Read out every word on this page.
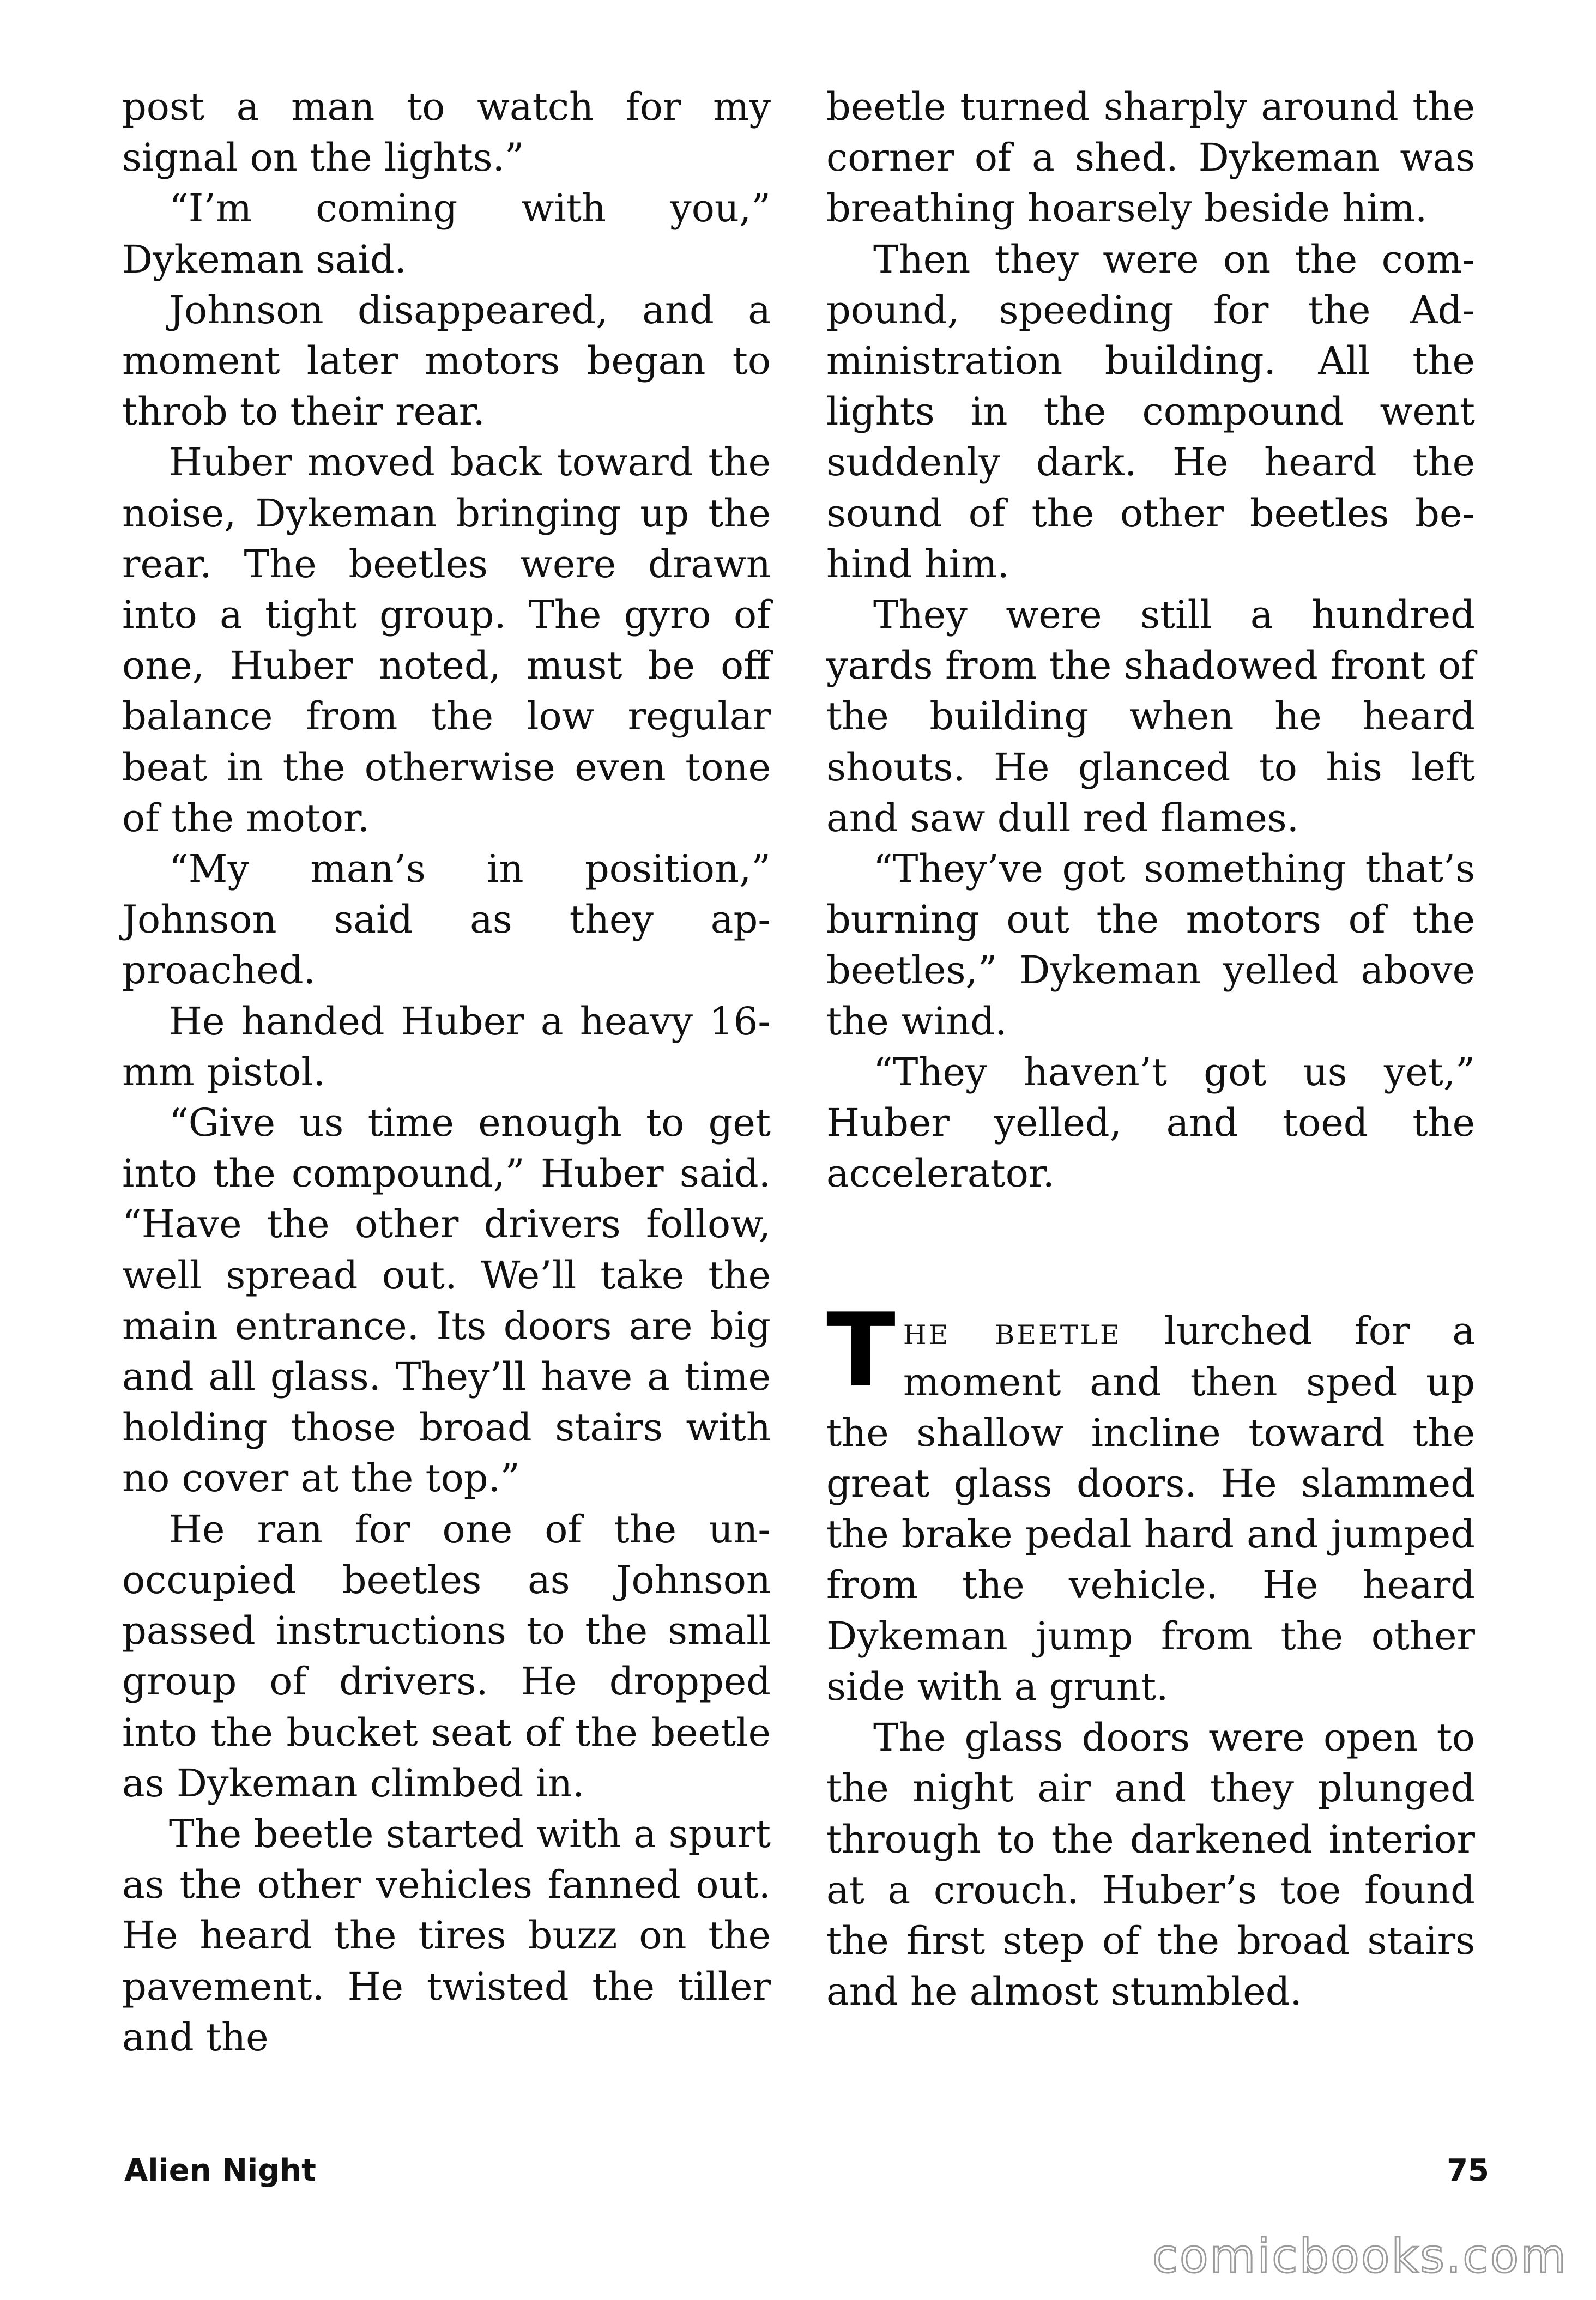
post a man to watch for my signal on the lights.”

“I’m coming with you,” Dykeman said.

Johnson disappeared, and a moment later motors began to throb to their rear.

Huber moved back toward the noise, Dykeman bringing up the rear. The beetles were drawn into a tight group. The gyro of one, Huber noted, must be off balance from the low regular beat in the otherwise even tone of the motor.

“My man’s in position,” Johnson said as they approached.

He handed Huber a heavy 16-mm pistol.

“Give us time enough to get into the compound,” Huber said. “Have the other drivers follow, well spread out. We’ll take the main entrance. Its doors are big and all glass. They’ll have a time holding those broad stairs with no cover at the top.”

He ran for one of the unoccupied beetles as Johnson passed instructions to the small group of drivers. He dropped into the bucket seat of the beetle as Dykeman climbed in.

The beetle started with a spurt as the other vehicles fanned out. He heard the tires buzz on the pavement. He twisted the tiller and the

beetle turned sharply around the corner of a shed. Dykeman was breathing hoarsely beside him.

Then they were on the compound, speeding for the Administration building. All the lights in the compound went suddenly dark. He heard the sound of the other beetles behind him.

They were still a hundred yards from the shadowed front of the building when he heard shouts. He glanced to his left and saw dull red flames.

“They’ve got something that’s burning out the motors of the beetles,” Dykeman yelled above the wind.

“They haven’t got us yet,” Huber yelled, and toed the accelerator.

The beetle lurched for a moment and then sped up the shallow incline toward the great glass doors. He slammed the brake pedal hard and jumped from the vehicle. He heard Dykeman jump from the other side with a grunt.

The glass doors were open to the night air and they plunged through to the darkened interior at a crouch. Huber’s toe found the first step of the broad stairs and he almost stumbled.

Alien Night	75
comicbooks.com
